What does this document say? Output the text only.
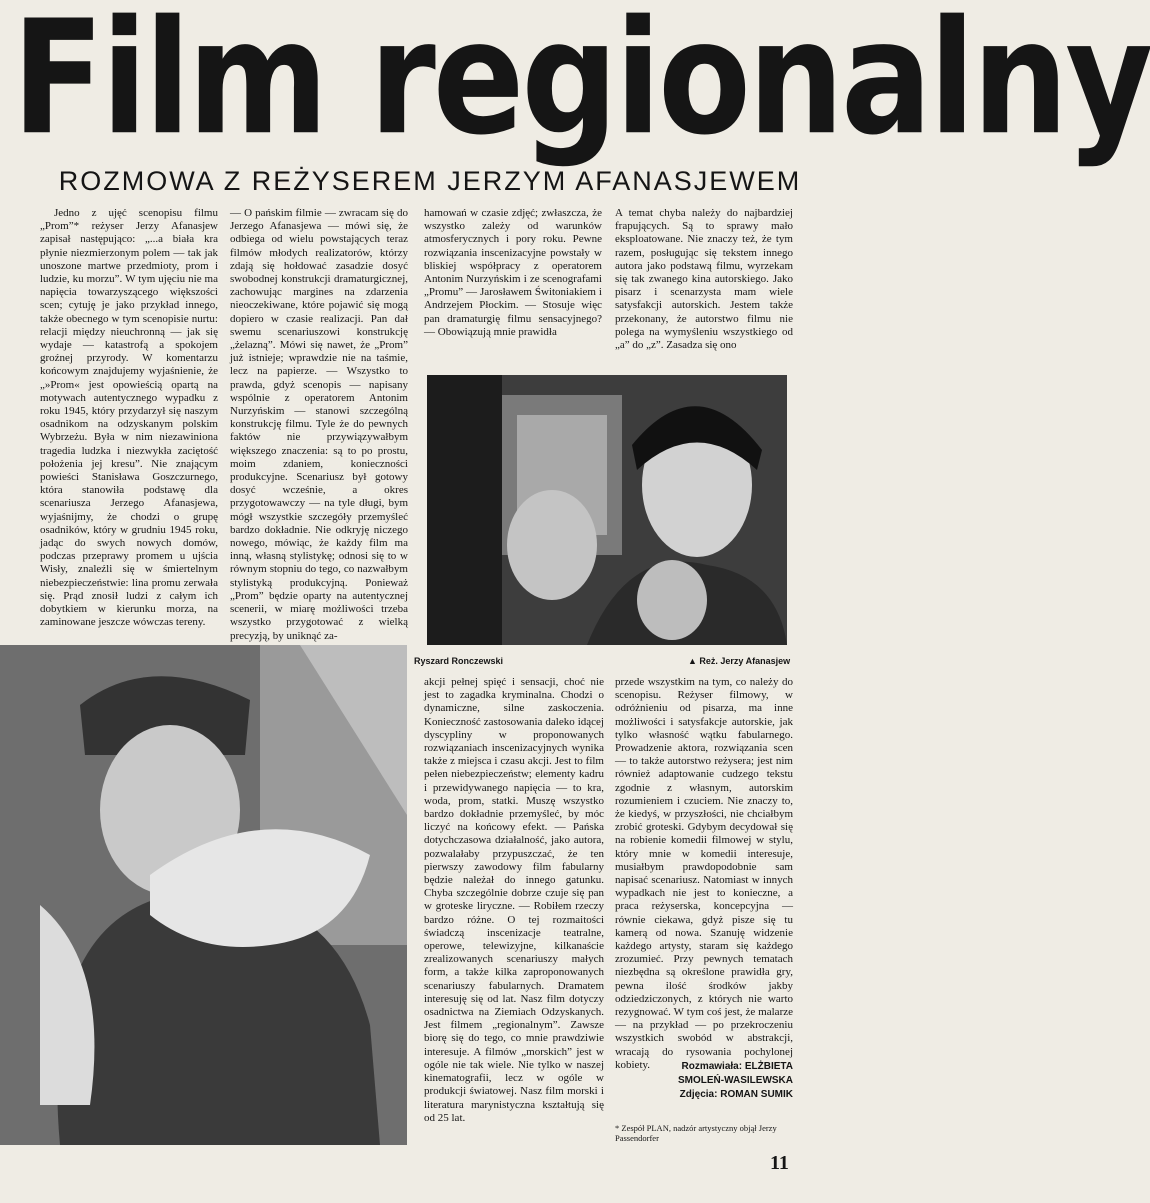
Film regionalny
ROZMOWA Z REŻYSEREM JERZYM AFANASJEWEM

Jedno z ujęć scenopisu filmu „Prom”* reżyser Jerzy Afanasjew zapisał następująco: „...a biała kra płynie niezmierzonym polem — tak jak unoszone martwe przedmioty, prom i ludzie, ku morzu”. W tym ujęciu nie ma napięcia towarzyszącego większości scen; cytuję je jako przykład innego, także obecnego w tym scenopisie nurtu: relacji między nieuchronną — jak się wydaje — katastrofą a spokojem groźnej przyrody. W komentarzu końcowym znajdujemy wyjaśnienie, że „»Prom« jest opowieścią opartą na motywach autentycznego wypadku z roku 1945, który przydarzył się naszym osadnikom na odzyskanym polskim Wybrzeżu. Była w nim niezawiniona tragedia ludzka i niezwykła zaciętość położenia jej kresu”. Nie znającym powieści Stanisława Goszczurnego, która stanowiła podstawę dla scenariusza Jerzego Afanasjewa, wyjaśnijmy, że chodzi o grupę osadników, który w grudniu 1945 roku, jadąc do swych nowych domów, podczas przeprawy promem u ujścia Wisły, znaleźli się w śmiertelnym niebezpieczeństwie: lina promu zerwała się. Prąd znosił ludzi z całym ich dobytkiem w kierunku morza, na zaminowane jeszcze wówczas tereny.

— O pańskim filmie — zwracam się do Jerzego Afanasjewa — mówi się, że odbiega od wielu powstających teraz filmów młodych realizatorów, którzy zdają się hołdować zasadzie dosyć swobodnej konstrukcji dramaturgicznej, zachowując margines na zdarzenia nieoczekiwane, które pojawić się mogą dopiero w czasie realizacji. Pan dał swemu scenariuszowi konstrukcję „żelazną”. Mówi się nawet, że „Prom” już istnieje; wprawdzie nie na taśmie, lecz na papierze. — Wszystko to prawda, gdyż scenopis — napisany wspólnie z operatorem Antonim Nurzyńskim — stanowi szczególną konstrukcję filmu. Tyle że do pewnych faktów nie przywiązywałbym większego znaczenia: są to po prostu, moim zdaniem, konieczności produkcyjne. Scenariusz był gotowy dosyć wcześnie, a okres przygotowawczy — na tyle długi, bym mógł wszystkie szczegóły przemyśleć bardzo dokładnie. Nie odkryję niczego nowego, mówiąc, że każdy film ma inną, własną stylistykę; odnosi się to w równym stopniu do tego, co nazwałbym stylistyką produkcyjną. Ponieważ „Prom” będzie oparty na autentycznej scenerii, w miarę możliwości trzeba wszystko przygotować z wielką precyzją, by uniknąć za-

hamowań w czasie zdjęć; zwłaszcza, że wszystko zależy od warunków atmosferycznych i pory roku. Pewne rozwiązania inscenizacyjne powstały w bliskiej współpracy z operatorem Antonim Nurzyńskim i ze scenografami „Promu” — Jarosławem Świtoniakiem i Andrzejem Płockim. — Stosuje więc pan dramaturgię filmu sensacyjnego? — Obowiązują mnie prawidła

A temat chyba należy do najbardziej frapujących. Są to sprawy mało eksploatowane. Nie znaczy też, że tym razem, posługując się tekstem innego autora jako podstawą filmu, wyrzekam się tak zwanego kina autorskiego. Jako pisarz i scenarzysta mam wiele satysfakcji autorskich. Jestem także przekonany, że autorstwo filmu nie polega na wymyśleniu wszystkiego od „a” do „z”. Zasadza się ono

Ryszard Ronczewski	▲ Reż. Jerzy Afanasjew

akcji pełnej spięć i sensacji, choć nie jest to zagadka kryminalna. Chodzi o dynamiczne, silne zaskoczenia. Konieczność zastosowania daleko idącej dyscypliny w proponowanych rozwiązaniach inscenizacyjnych wynika także z miejsca i czasu akcji. Jest to film pełen niebezpieczeństw; elementy kadru i przewidywanego napięcia — to kra, woda, prom, statki. Muszę wszystko bardzo dokładnie przemyśleć, by móc liczyć na końcowy efekt. — Pańska dotychczasowa działalność, jako autora, pozwalałaby przypuszczać, że ten pierwszy zawodowy film fabularny będzie należał do innego gatunku. Chyba szczególnie dobrze czuje się pan w groteske liryczne. — Robiłem rzeczy bardzo różne. O tej rozmaitości świadczą inscenizacje teatralne, operowe, telewizyjne, kilkanaście zrealizowanych scenariuszy małych form, a także kilka zaproponowanych scenariuszy fabularnych. Dramatem interesuję się od lat. Nasz film dotyczy osadnictwa na Ziemiach Odzyskanych. Jest filmem „regionalnym”. Zawsze biorę się do tego, co mnie prawdziwie interesuje. A filmów „morskich” jest w ogóle nie tak wiele. Nie tylko w naszej kinematografii, lecz w ogóle w produkcji światowej. Nasz film morski i literatura marynistyczna kształtują się od 25 lat.

przede wszystkim na tym, co należy do scenopisu. Reżyser filmowy, w odróżnieniu od pisarza, ma inne możliwości i satysfakcje autorskie, jak tylko własność wątku fabularnego. Prowadzenie aktora, rozwiązania scen — to także autorstwo reżysera; jest nim również adaptowanie cudzego tekstu zgodnie z własnym, autorskim rozumieniem i czuciem. Nie znaczy to, że kiedyś, w przyszłości, nie chciałbym zrobić groteski. Gdybym decydował się na robienie komedii filmowej w stylu, który mnie w komedii interesuje, musiałbym prawdopodobnie sam napisać scenariusz. Natomiast w innych wypadkach nie jest to konieczne, a praca reżyserska, koncepcyjna — równie ciekawa, gdyż pisze się tu kamerą od nowa. Szanuję widzenie każdego artysty, staram się każdego zrozumieć. Przy pewnych tematach niezbędna są określone prawidła gry, pewna ilość środków jakby odziedziczonych, z których nie warto rezygnować. W tym coś jest, że malarze — na przykład — po przekroczeniu wszystkich swobód w abstrakcji, wracają do rysowania pochylonej kobiety.	Rozmawiała: ELŻBIETA
SMOLEŃ-WASILEWSKA
Zdjęcia: ROMAN SUMIK
* Zespół PLAN, nadzór artystyczny objął Jerzy Passendorfer
11
